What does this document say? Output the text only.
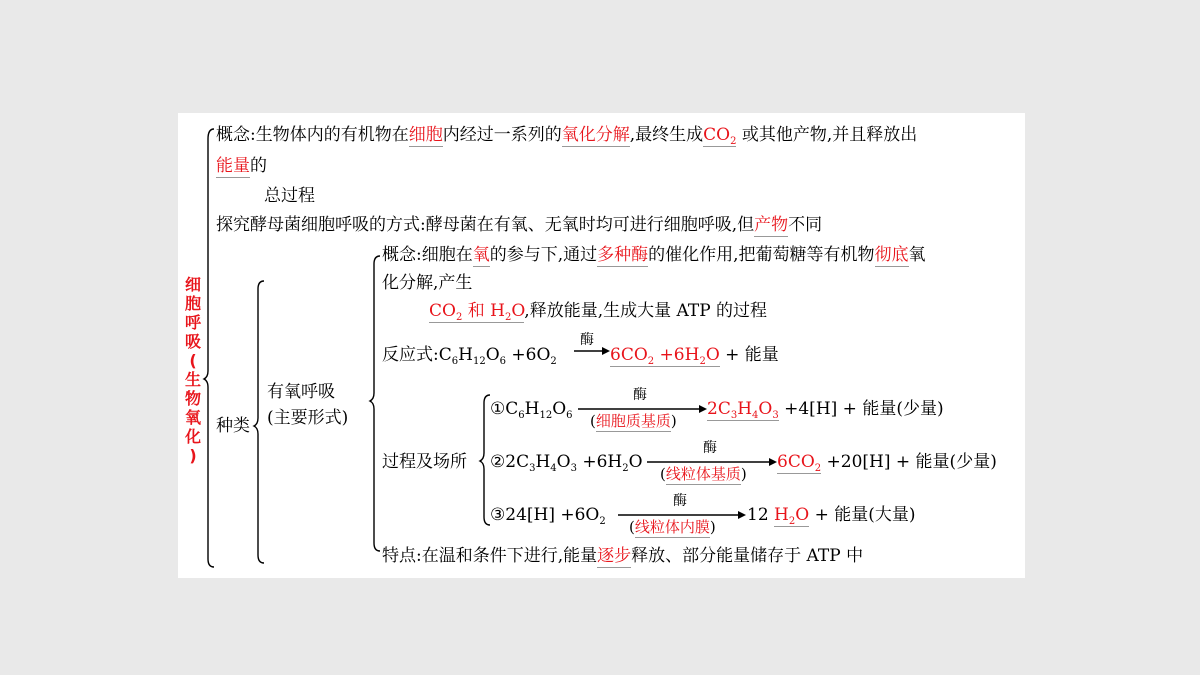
细
胞
呼
吸
(
生
物
氧
化
)
概念:生物体内的有机物在细胞内经过一系列的氧化分解,最终生成$CO_2$ 或其他产物,并且释放出
能量的
总过程
探究酵母菌细胞呼吸的方式:酵母菌在有氧、无氧时均可进行细胞呼吸,但产物不同
种类
有氧呼吸
(主要形式)
概念:细胞在氧的参与下,通过多种酶的催化作用,把葡萄糖等有机物彻底氧
化分解,产生
$CO_2$ 和 $H_2O$,释放能量,生成大量 ATP 的过程
反应式$:C_6H_{12}O_6 +6O_2$
酶
$6CO_2 +6H_2O$ + 能量
过程及场所
$①C_6H_{12}O_6$
酶
(细胞质基质)
$2C_3H_4O_3 +4[H]$ + 能量(少量)
$②2C_3H_4O_3 +6H_2O$
酶
(线粒体基质)
$6CO_2 +20[H]$ + 能量(少量)
③24[H] $+6O_2$
酶
(线粒体内膜)
12 $H_2O$ + 能量(大量)
特点:在温和条件下进行,能量逐步释放、部分能量储存于 ATP 中
